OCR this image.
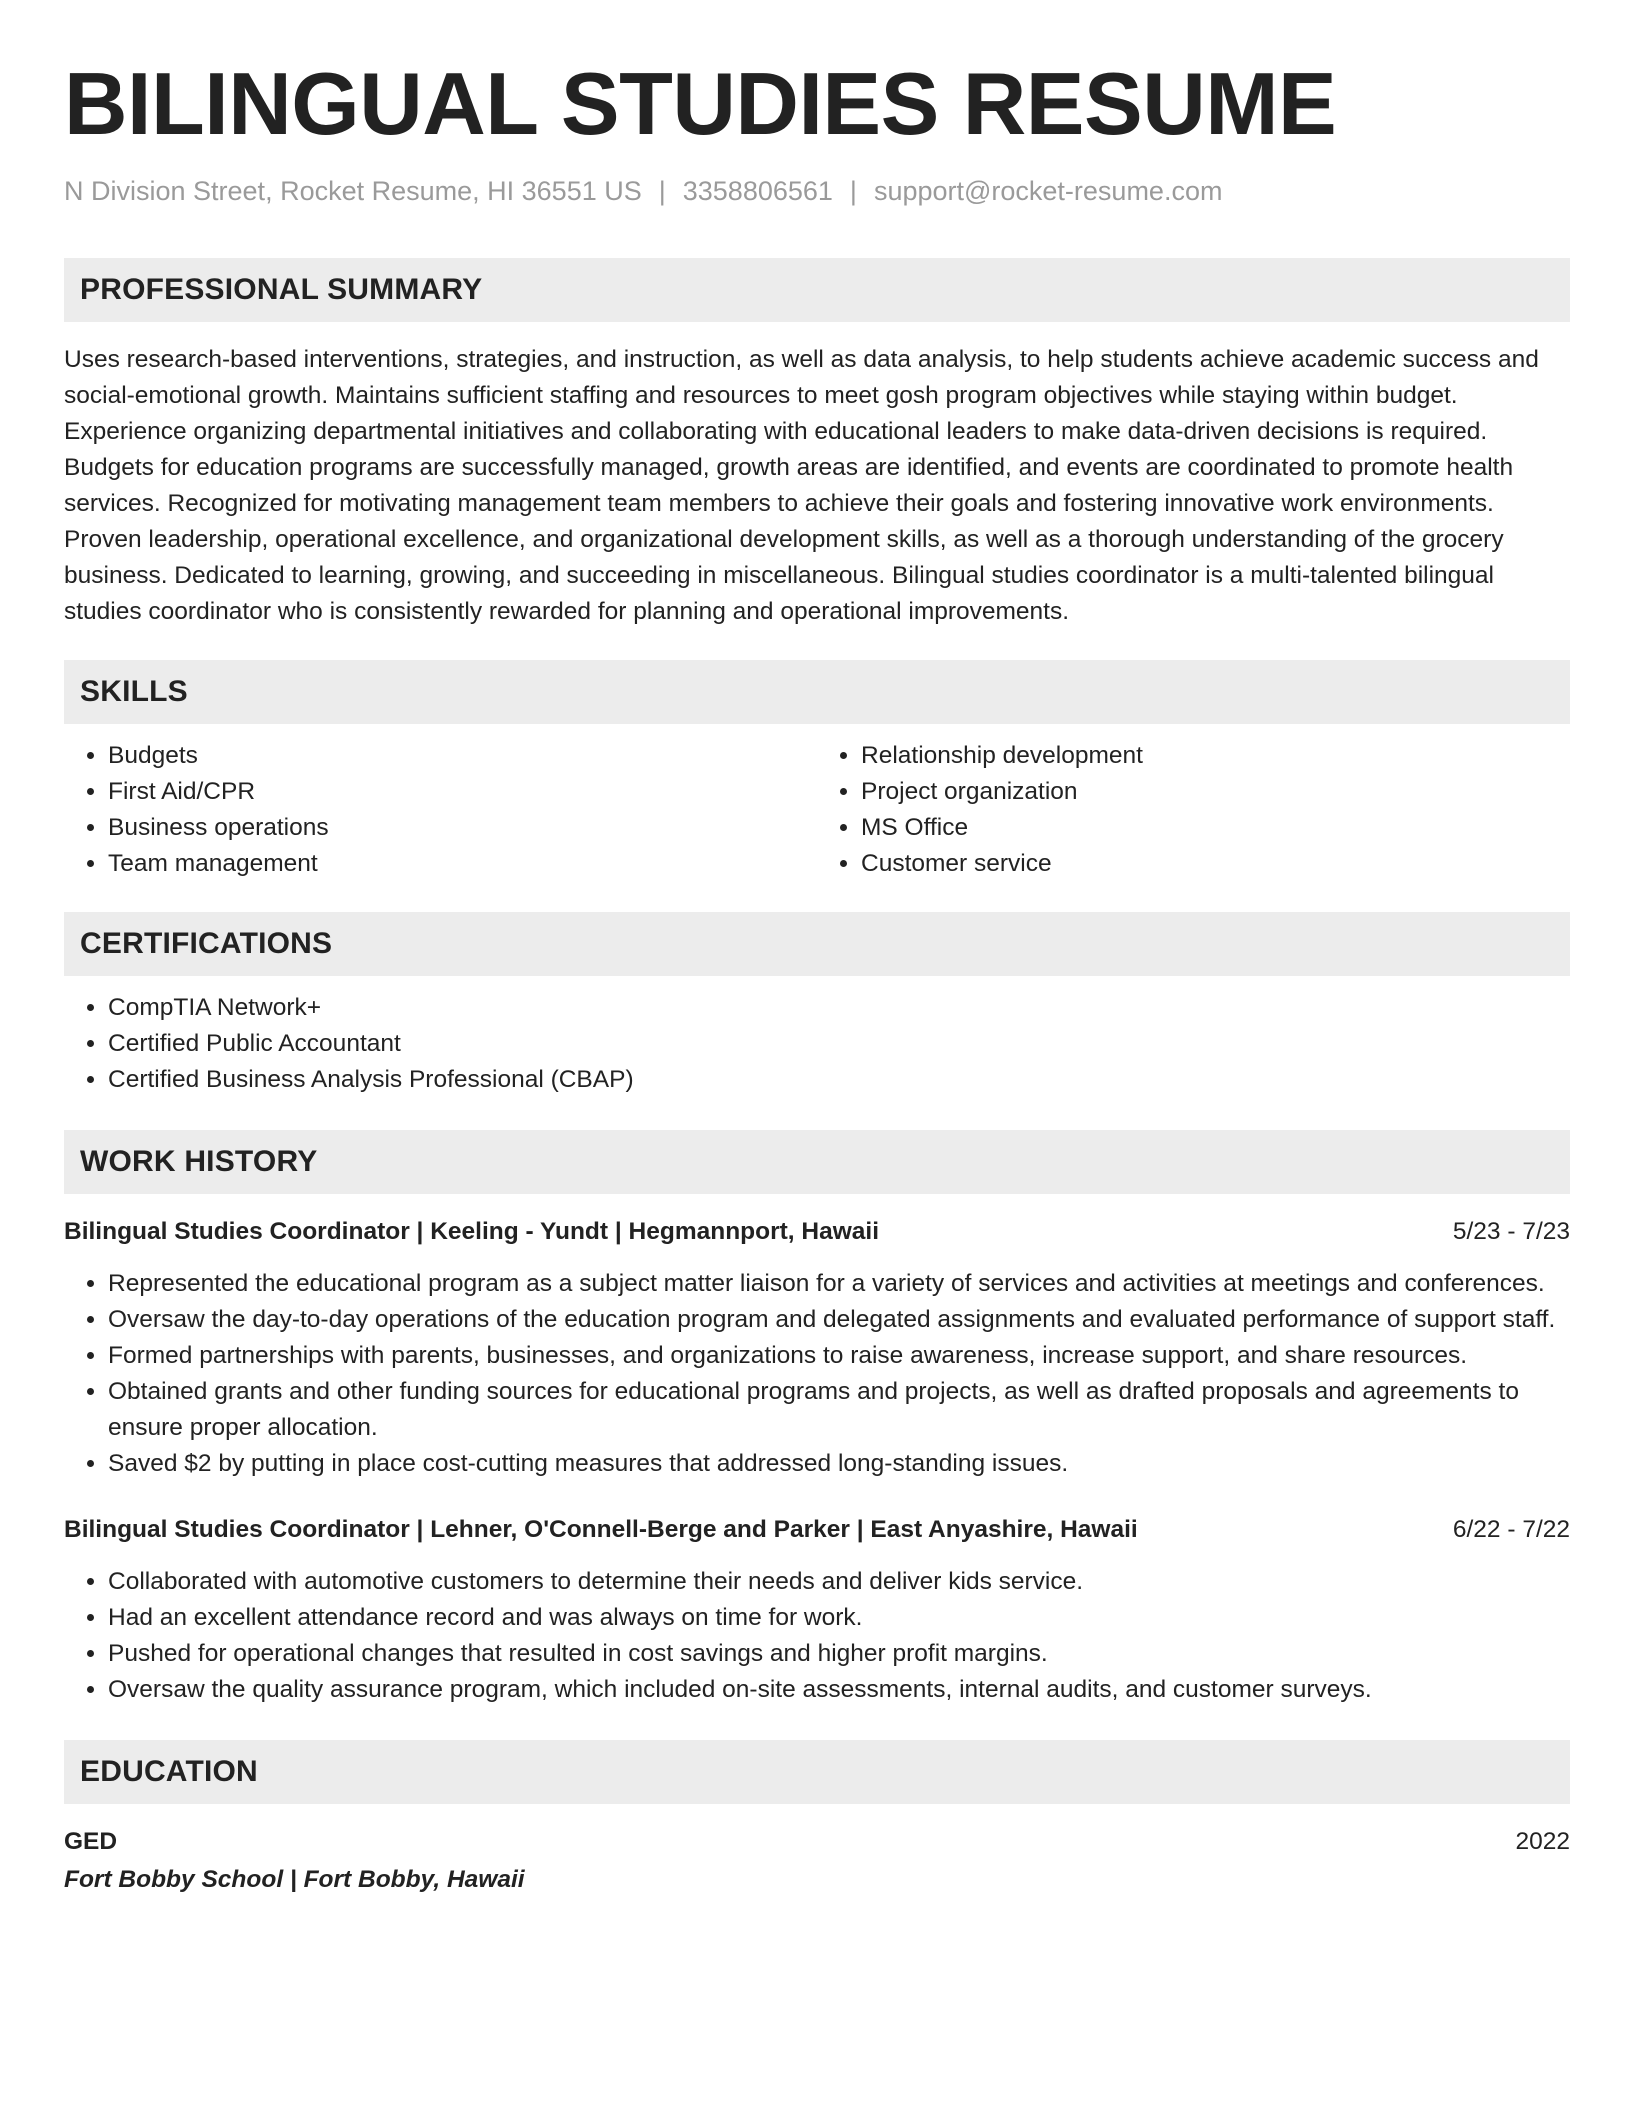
BILINGUAL STUDIES RESUME
N Division Street, Rocket Resume, HI 36551 US | 3358806561 | support@rocket-resume.com
PROFESSIONAL SUMMARY

Uses research-based interventions, strategies, and instruction, as well as data analysis, to help students achieve academic success and social-emotional growth. Maintains sufficient staffing and resources to meet gosh program objectives while staying within budget. Experience organizing departmental initiatives and collaborating with educational leaders to make data-driven decisions is required. Budgets for education programs are successfully managed, growth areas are identified, and events are coordinated to promote health services. Recognized for motivating management team members to achieve their goals and fostering innovative work environments. Proven leadership, operational excellence, and organizational development skills, as well as a thorough understanding of the grocery business. Dedicated to learning, growing, and succeeding in miscellaneous. Bilingual studies coordinator is a multi-talented bilingual studies coordinator who is consistently rewarded for planning and operational improvements.

SKILLS
• Budgets
• First Aid/CPR
• Business operations
• Team management
• Relationship development
• Project organization
• MS Office
• Customer service
CERTIFICATIONS
• CompTIA Network+
• Certified Public Accountant
• Certified Business Analysis Professional (CBAP)
WORK HISTORY
Bilingual Studies Coordinator | Keeling - Yundt | Hegmannport, Hawaii	5/23 - 7/23
• Represented the educational program as a subject matter liaison for a variety of services and activities at meetings and conferences.
• Oversaw the day-to-day operations of the education program and delegated assignments and evaluated performance of support staff.
• Formed partnerships with parents, businesses, and organizations to raise awareness, increase support, and share resources.
• Obtained grants and other funding sources for educational programs and projects, as well as drafted proposals and agreements to ensure proper allocation.
• Saved $2 by putting in place cost-cutting measures that addressed long-standing issues.
Bilingual Studies Coordinator | Lehner, O'Connell-Berge and Parker | East Anyashire, Hawaii	6/22 - 7/22
• Collaborated with automotive customers to determine their needs and deliver kids service.
• Had an excellent attendance record and was always on time for work.
• Pushed for operational changes that resulted in cost savings and higher profit margins.
• Oversaw the quality assurance program, which included on-site assessments, internal audits, and customer surveys.
EDUCATION
GED	2022
Fort Bobby School | Fort Bobby, Hawaii
